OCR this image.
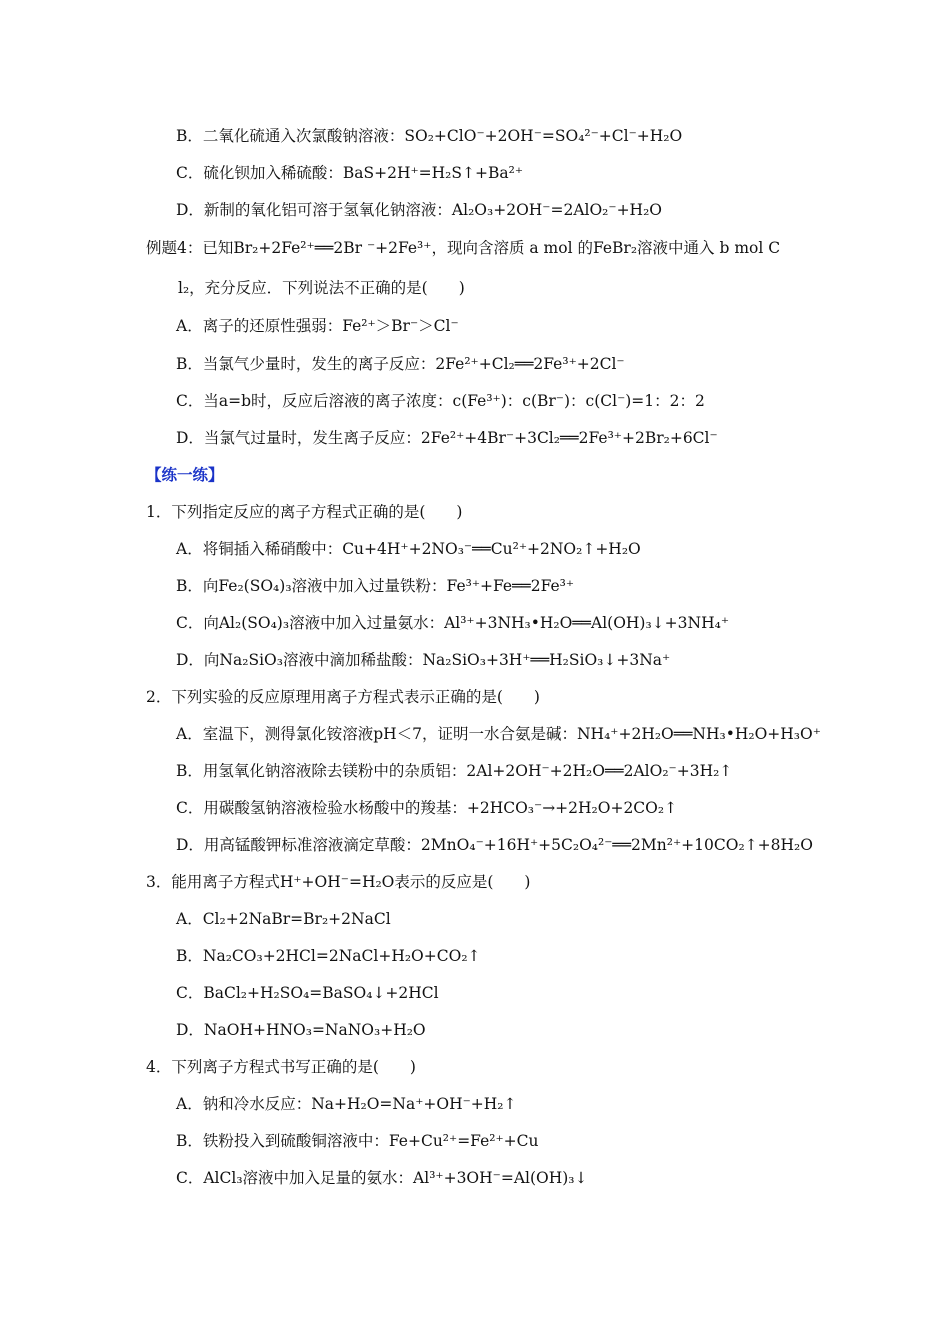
B．二氧化硫通入次氯酸钠溶液：SO₂+ClO⁻+2OH⁻=SO₄²⁻+Cl⁻+H₂O
C．硫化钡加入稀硫酸：BaS+2H⁺=H₂S↑+Ba²⁺
D．新制的氧化铝可溶于氢氧化钠溶液：Al₂O₃+2OH⁻=2AlO₂⁻+H₂O
例题4：已知Br₂+2Fe²⁺══2Br ⁻+2Fe³⁺，现向含溶质 a mol 的FeBr₂溶液中通入 b mol C
l₂，充分反应．下列说法不正确的是(　　)
A．离子的还原性强弱：Fe²⁺＞Br⁻＞Cl⁻
B．当氯气少量时，发生的离子反应：2Fe²⁺+Cl₂══2Fe³⁺+2Cl⁻
C．当a=b时，反应后溶液的离子浓度：c(Fe³⁺)：c(Br⁻)：c(Cl⁻)=1：2：2
D．当氯气过量时，发生离子反应：2Fe²⁺+4Br⁻+3Cl₂══2Fe³⁺+2Br₂+6Cl⁻
【练一练】
1．下列指定反应的离子方程式正确的是(　　)
A．将铜插入稀硝酸中：Cu+4H⁺+2NO₃⁻══Cu²⁺+2NO₂↑+H₂O
B．向Fe₂(SO₄)₃溶液中加入过量铁粉：Fe³⁺+Fe══2Fe³⁺
C．向Al₂(SO₄)₃溶液中加入过量氨水：Al³⁺+3NH₃•H₂O══Al(OH)₃↓+3NH₄⁺
D．向Na₂SiO₃溶液中滴加稀盐酸：Na₂SiO₃+3H⁺══H₂SiO₃↓+3Na⁺
2．下列实验的反应原理用离子方程式表示正确的是(　　)
A．室温下，测得氯化铵溶液pH＜7，证明一水合氨是碱：NH₄⁺+2H₂O══NH₃•H₂O+H₃O⁺
B．用氢氧化钠溶液除去镁粉中的杂质铝：2Al+2OH⁻+2H₂O══2AlO₂⁻+3H₂↑
C．用碳酸氢钠溶液检验水杨酸中的羧基：+2HCO₃⁻→+2H₂O+2CO₂↑
D．用高锰酸钾标准溶液滴定草酸：2MnO₄⁻+16H⁺+5C₂O₄²⁻══2Mn²⁺+10CO₂↑+8H₂O
3．能用离子方程式H⁺+OH⁻=H₂O表示的反应是(　　)
A．Cl₂+2NaBr=Br₂+2NaCl
B．Na₂CO₃+2HCl=2NaCl+H₂O+CO₂↑
C．BaCl₂+H₂SO₄=BaSO₄↓+2HCl
D．NaOH+HNO₃=NaNO₃+H₂O
4．下列离子方程式书写正确的是(　　)
A．钠和冷水反应：Na+H₂O=Na⁺+OH⁻+H₂↑
B．铁粉投入到硫酸铜溶液中：Fe+Cu²⁺=Fe²⁺+Cu
C．AlCl₃溶液中加入足量的氨水：Al³⁺+3OH⁻=Al(OH)₃↓
